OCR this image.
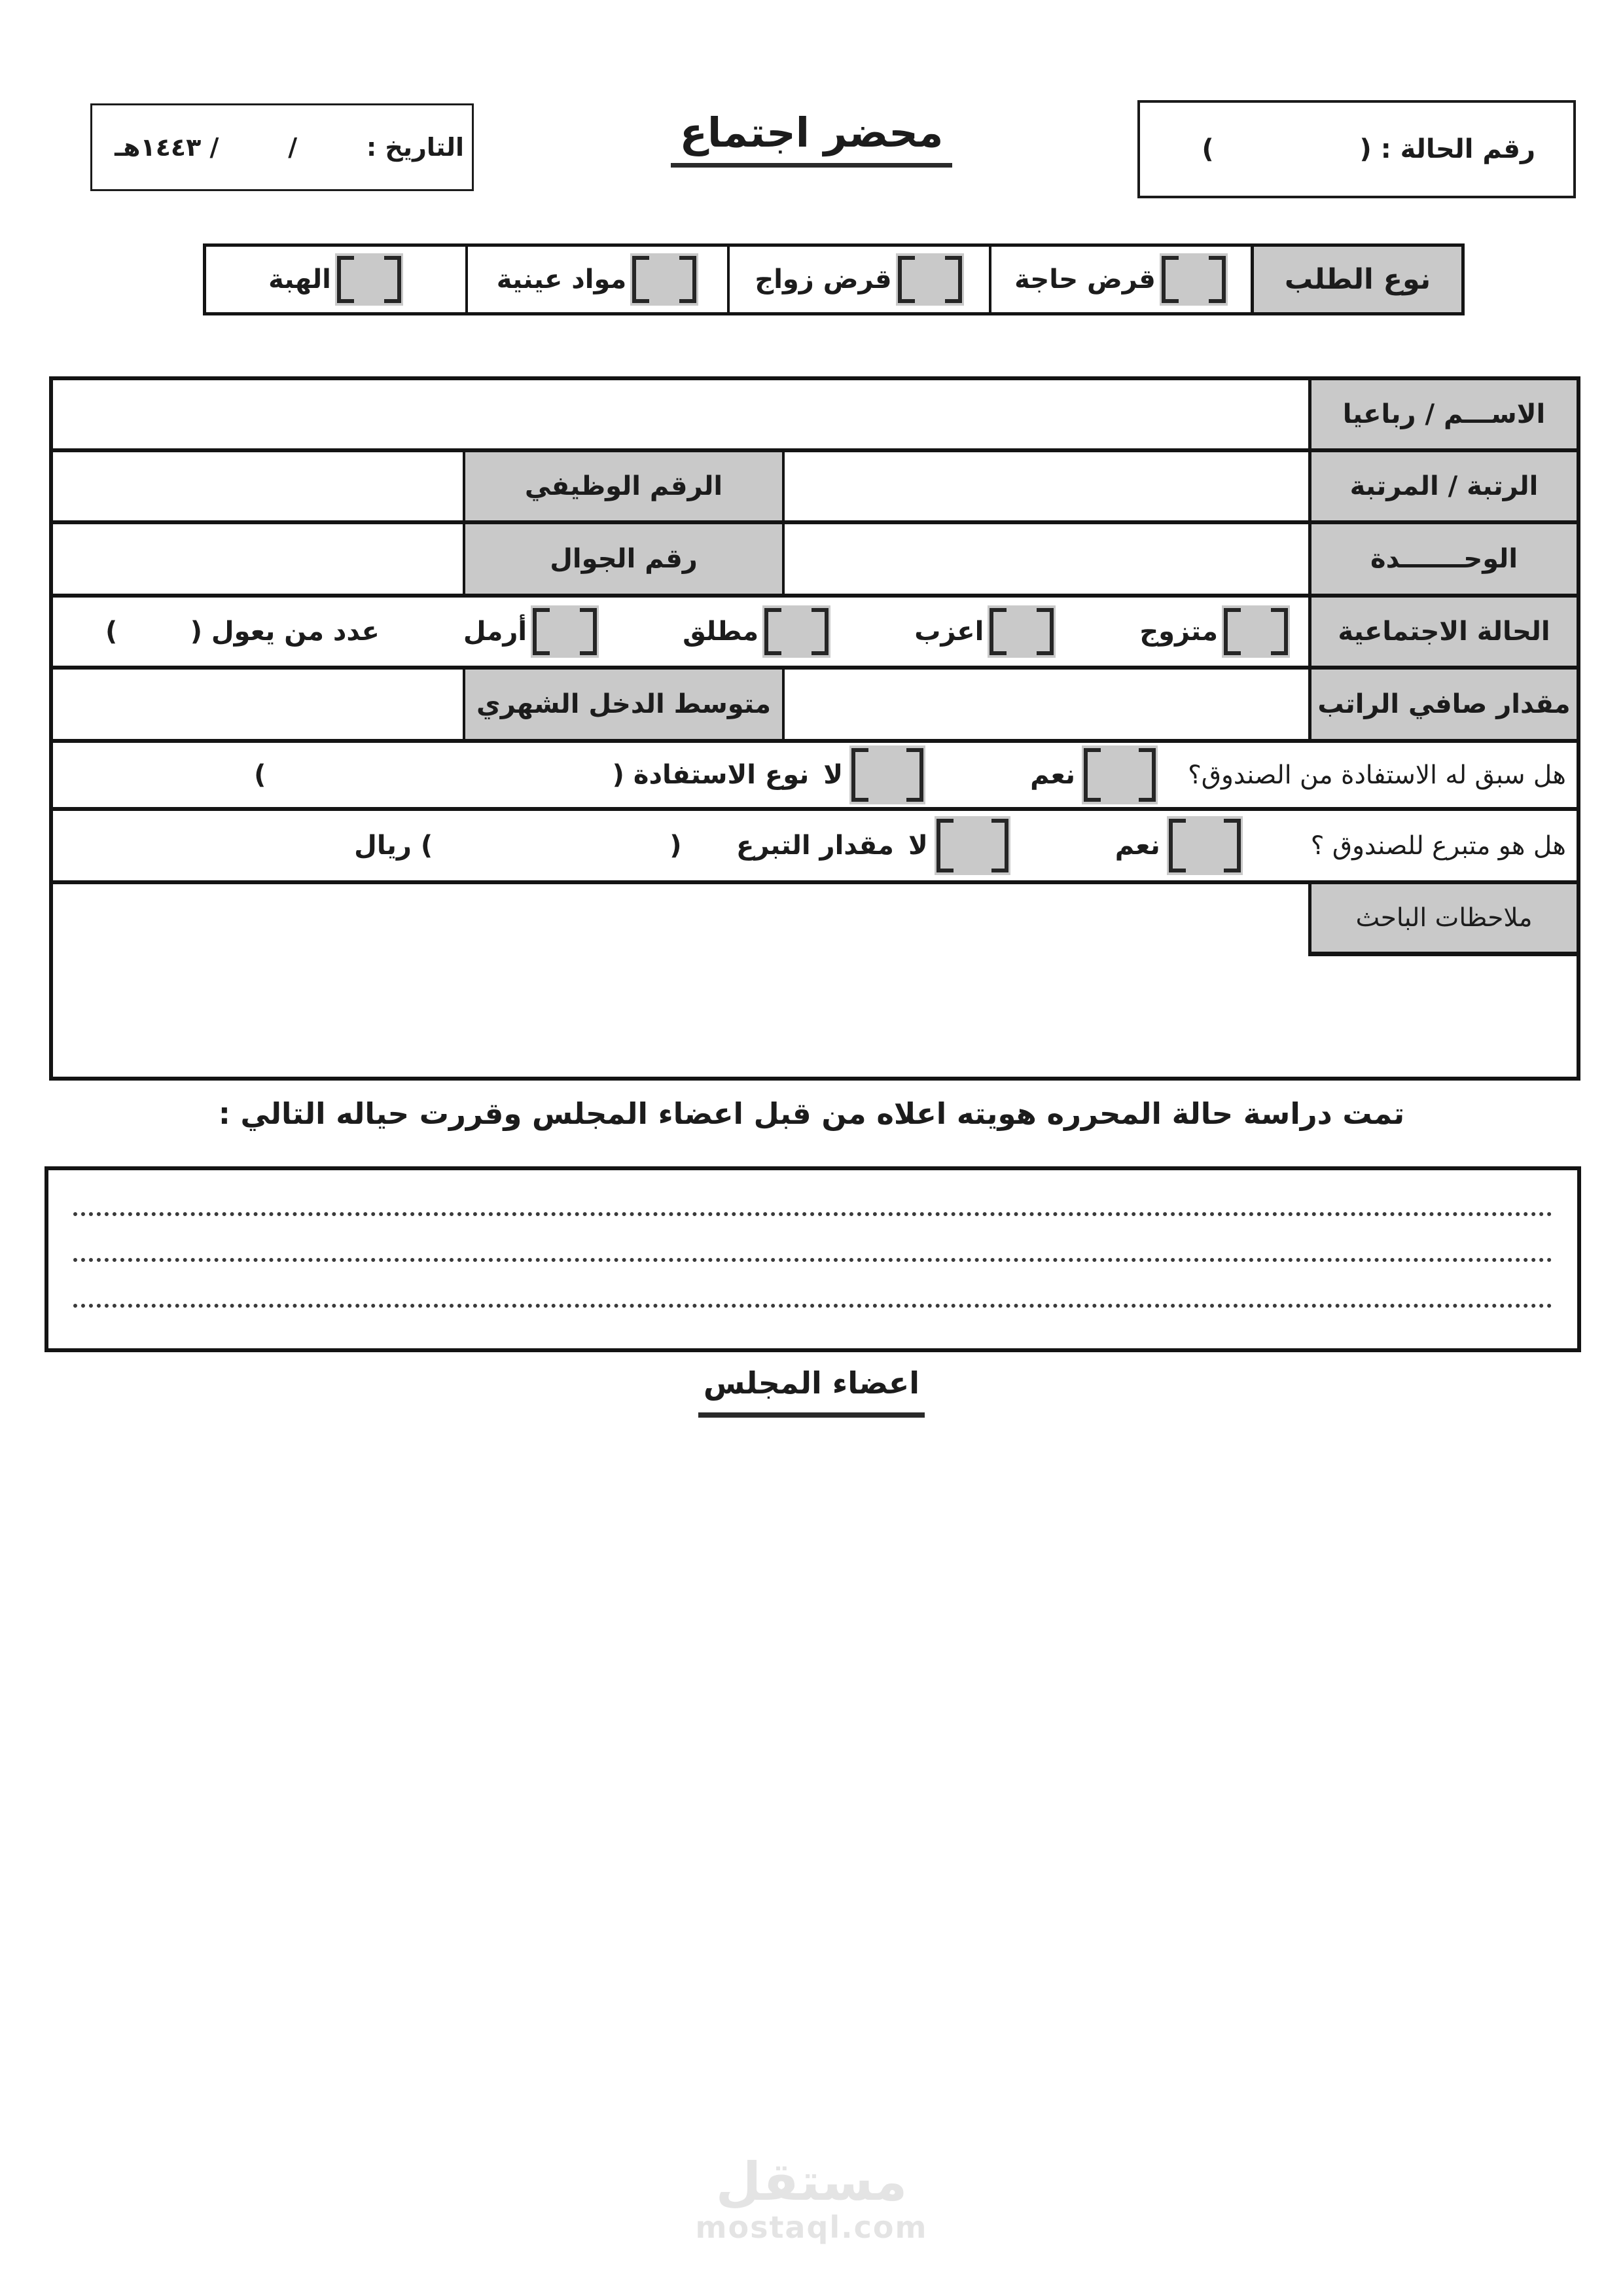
رقم الحالة : (                )
محضر اجتماع
التاريخ :        /        / ١٤٤٣هـ
نوع الطلب
قرض حاجة
قرض زواج
مواد عينية
الهبة
الاســـم / رباعيا
الرتبة / المرتبة
الرقم الوظيفي
الوحـــــــدة
رقم الجوال
الحالة الاجتماعية
متزوج
اعزب
مطلق
أرمل
عدد من يعول (        )
مقدار صافي الراتب
متوسط الدخل الشهري
هل سبق له الاستفادة من الصندوق؟
نعم
لا
نوع الاستفادة (                                      )
هل هو متبرع للصندوق ؟
نعم
لا
مقدار التبرع      (                          ) ريال
ملاحظات الباحث
تمت دراسة حالة المحرره هويته اعلاه من قبل اعضاء المجلس وقررت حياله التالي :
اعضاء المجلس
مستقل
mostaql.com
